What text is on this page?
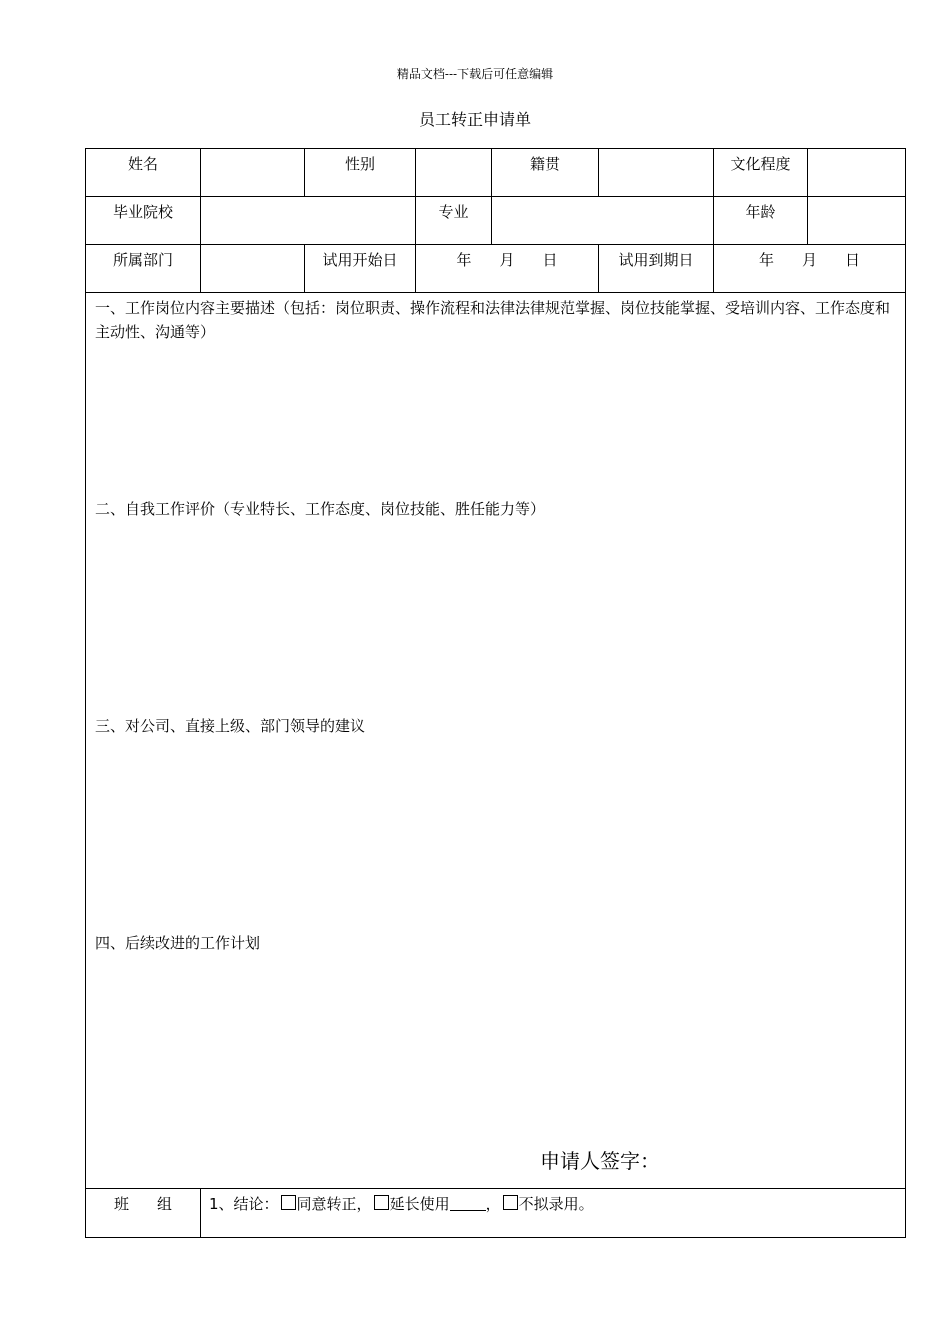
精品文档---下载后可任意编辑
员工转正申请单
姓名		性别		籍贯		文化程度	
毕业院校			专业			年龄	
所属部门		试用开始日	年 月 日		试用到期日	年 月 日	

一、工作岗位内容主要描述（包括：岗位职责、操作流程和法律法律规范掌握、岗位技能掌握、受培训内容、工作态度和主动性、沟通等）

二、自我工作评价（专业特长、工作态度、岗位技能、胜任能力等）

三、对公司、直接上级、部门领导的建议

四、后续改进的工作计划

申请人签字：							

班 组	1、结论： 同意转正， 延长使用 ， 不拟录用。						
